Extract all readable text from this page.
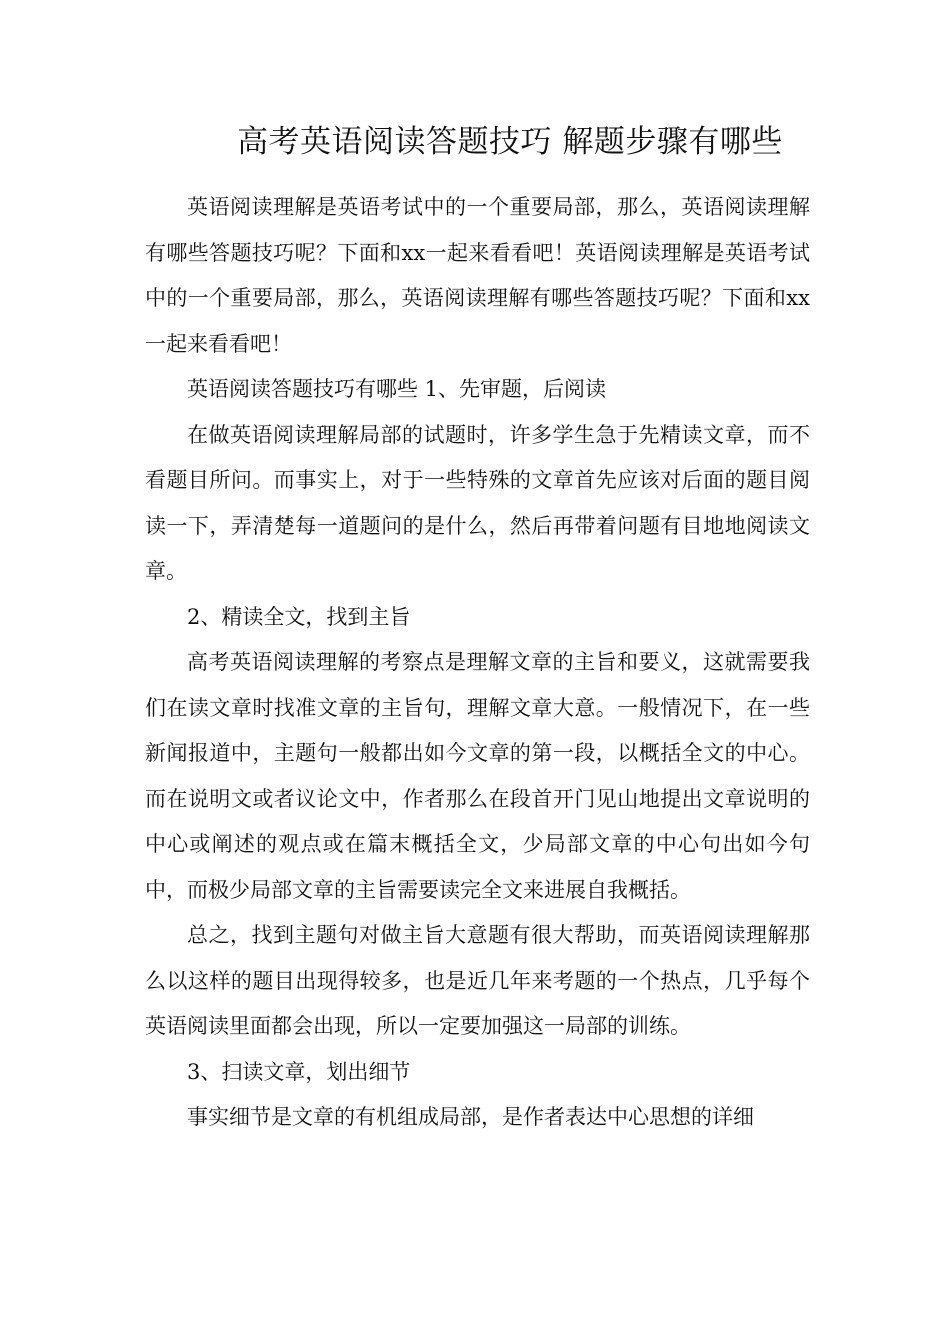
高考英语阅读答题技巧 解题步骤有哪些

英语阅读理解是英语考试中的一个重要局部，那么，英语阅读理解有哪些答题技巧呢？下面和xx一起来看看吧！英语阅读理解是英语考试中的一个重要局部，那么，英语阅读理解有哪些答题技巧呢？下面和xx一起来看看吧！

英语阅读答题技巧有哪些 1、先审题，后阅读

在做英语阅读理解局部的试题时，许多学生急于先精读文章，而不看题目所问。而事实上，对于一些特殊的文章首先应该对后面的题目阅读一下，弄清楚每一道题问的是什么，然后再带着问题有目地地阅读文章。

2、精读全文，找到主旨

高考英语阅读理解的考察点是理解文章的主旨和要义，这就需要我们在读文章时找准文章的主旨句，理解文章大意。一般情况下，在一些新闻报道中，主题句一般都出如今文章的第一段，以概括全文的中心。而在说明文或者议论文中，作者那么在段首开门见山地提出文章说明的中心或阐述的观点或在篇末概括全文，少局部文章的中心句出如今句中，而极少局部文章的主旨需要读完全文来进展自我概括。

总之，找到主题句对做主旨大意题有很大帮助，而英语阅读理解那么以这样的题目出现得较多，也是近几年来考题的一个热点，几乎每个英语阅读里面都会出现，所以一定要加强这一局部的训练。

3、扫读文章，划出细节

事实细节是文章的有机组成局部，是作者表达中心思想的详细
